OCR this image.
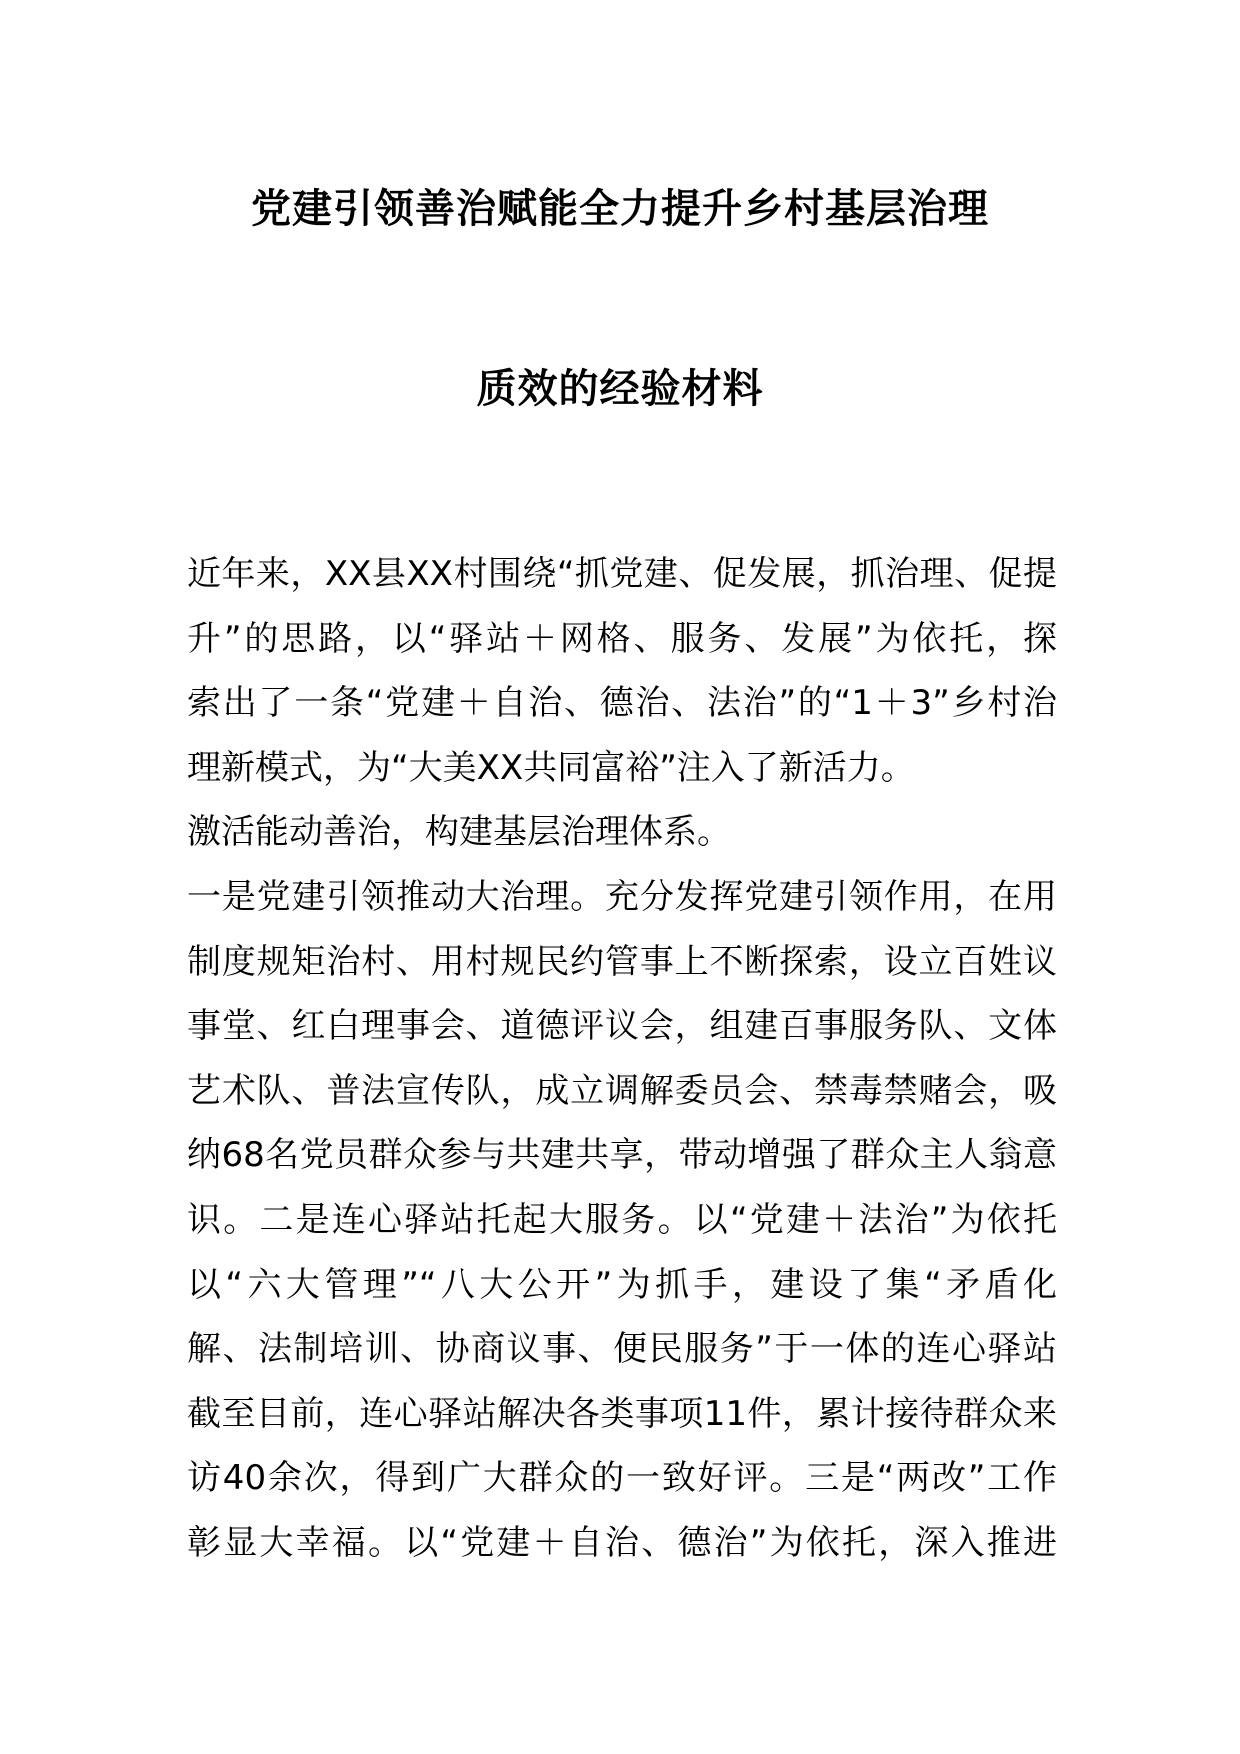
党建引领善治赋能全力提升乡村基层治理
质效的经验材料
近年来，XX县XX村围绕“抓党建、促发展，抓治理、促提
升”的思路，以“驿站＋网格、服务、发展”为依托，探
索出了一条“党建＋自治、德治、法治”的“1＋3”乡村治
理新模式，为“大美XX共同富裕”注入了新活力。
激活能动善治，构建基层治理体系。
一是党建引领推动大治理。充分发挥党建引领作用，在用
制度规矩治村、用村规民约管事上不断探索，设立百姓议
事堂、红白理事会、道德评议会，组建百事服务队、文体
艺术队、普法宣传队，成立调解委员会、禁毒禁赌会，吸
纳68名党员群众参与共建共享，带动增强了群众主人翁意
识。二是连心驿站托起大服务。以“党建＋法治”为依托
以“六大管理”“八大公开”为抓手，建设了集“矛盾化
解、法制培训、协商议事、便民服务”于一体的连心驿站
截至目前，连心驿站解决各类事项11件，累计接待群众来
访40余次，得到广大群众的一致好评。三是“两改”工作
彰显大幸福。以“党建＋自治、德治”为依托，深入推进
